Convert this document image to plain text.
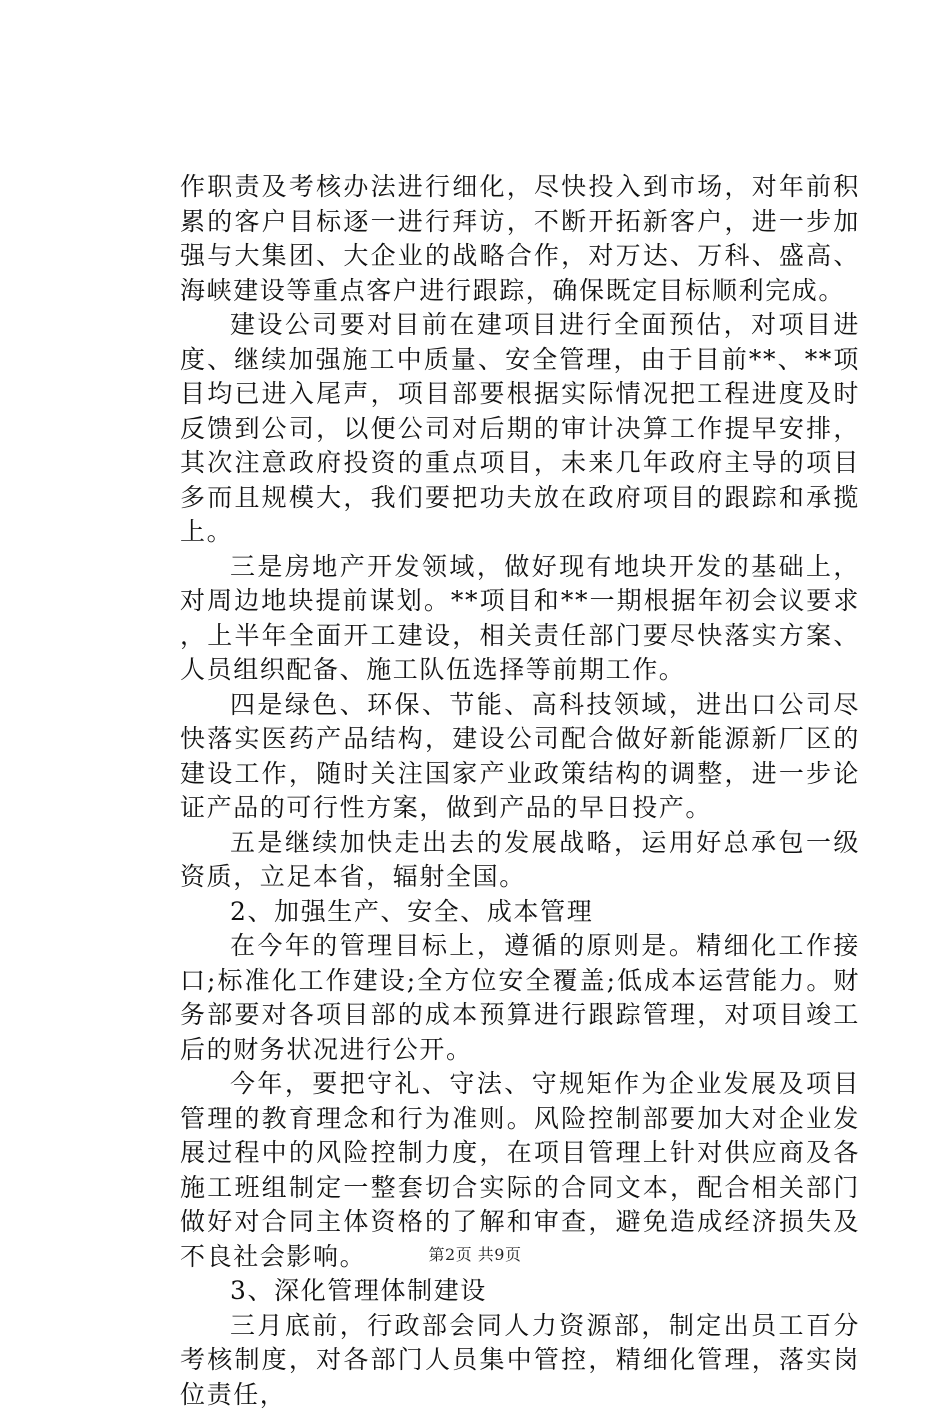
作职责及考核办法进行细化，尽快投入到市场，对年前积累的客户目标逐一进行拜访，不断开拓新客户，进一步加强与大集团、大企业的战略合作，对万达、万科、盛高、海峡建设等重点客户进行跟踪，确保既定目标顺利完成。

建设公司要对目前在建项目进行全面预估，对项目进度、继续加强施工中质量、安全管理，由于目前**、**项目均已进入尾声，项目部要根据实际情况把工程进度及时反馈到公司，以便公司对后期的审计决算工作提早安排，其次注意政府投资的重点项目，未来几年政府主导的项目多而且规模大，我们要把功夫放在政府项目的跟踪和承揽上。

三是房地产开发领域，做好现有地块开发的基础上，对周边地块提前谋划。**项目和**一期根据年初会议要求，上半年全面开工建设，相关责任部门要尽快落实方案、人员组织配备、施工队伍选择等前期工作。

四是绿色、环保、节能、高科技领域，进出口公司尽快落实医药产品结构，建设公司配合做好新能源新厂区的建设工作，随时关注国家产业政策结构的调整，进一步论证产品的可行性方案，做到产品的早日投产。

五是继续加快走出去的发展战略，运用好总承包一级资质，立足本省，辐射全国。

2、加强生产、安全、成本管理

在今年的管理目标上，遵循的原则是。精细化工作接口;标准化工作建设;全方位安全覆盖;低成本运营能力。财务部要对各项目部的成本预算进行跟踪管理，对项目竣工后的财务状况进行公开。

今年，要把守礼、守法、守规矩作为企业发展及项目管理的教育理念和行为准则。风险控制部要加大对企业发展过程中的风险控制力度，在项目管理上针对供应商及各施工班组制定一整套切合实际的合同文本，配合相关部门做好对合同主体资格的了解和审查，避免造成经济损失及不良社会影响。

3、深化管理体制建设

三月底前，行政部会同人力资源部，制定出员工百分考核制度，对各部门人员集中管控，精细化管理，落实岗位责任，

第2页 共9页
